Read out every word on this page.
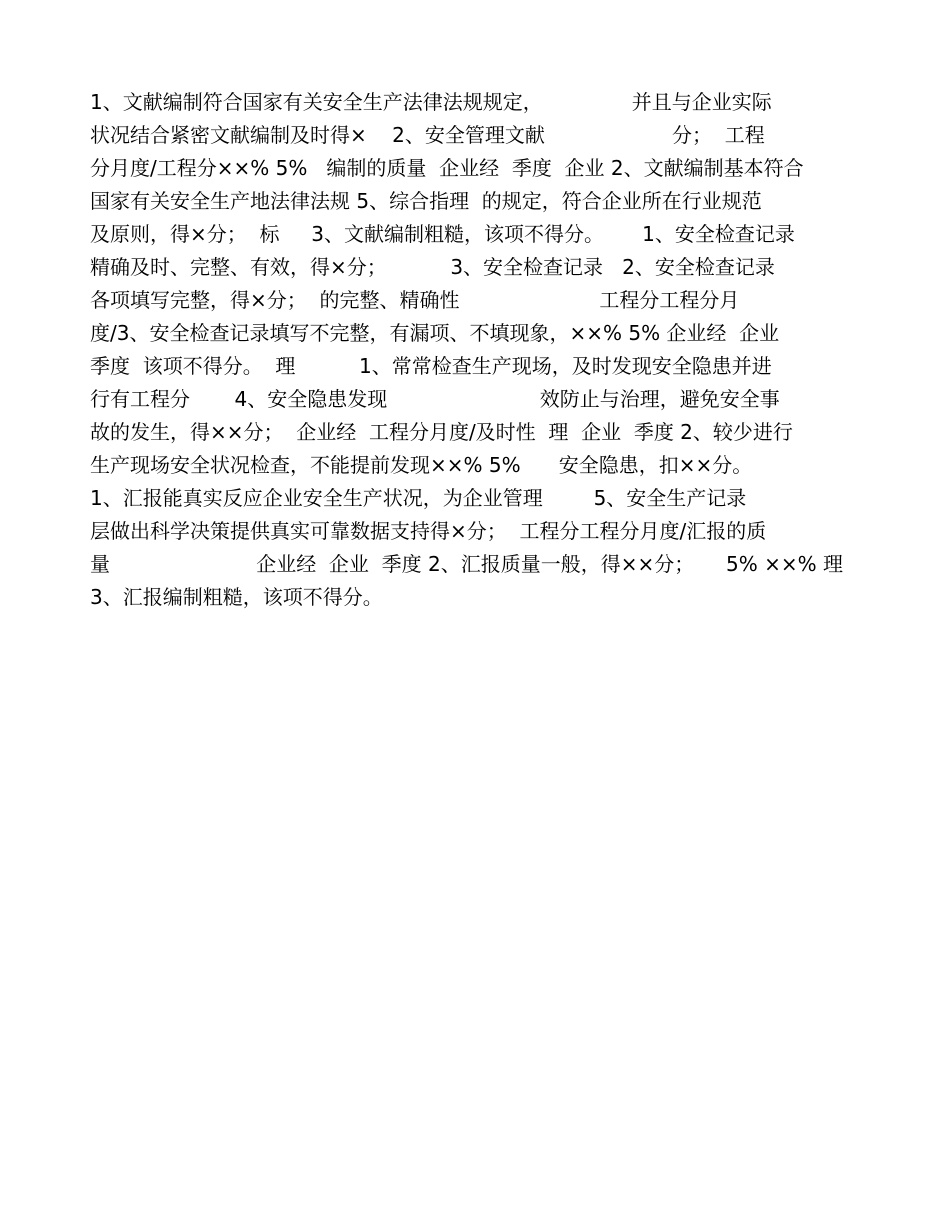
1、文献编制符合国家有关安全生产法律法规规定，              并且与企业实际
状况结合紧密文献编制及时得×    2、安全管理文献                    分；  工程
分月度/工程分××% 5%   编制的质量  企业经  季度  企业 2、文献编制基本符合
国家有关安全生产地法律法规 5、综合指理  的规定，符合企业所在行业规范
及原则，得×分；  标     3、文献编制粗糙，该项不得分。      1、安全检查记录
精确及时、完整、有效，得×分；          3、安全检查记录   2、安全检查记录
各项填写完整，得×分；  的完整、精确性                      工程分工程分月
度/3、安全检查记录填写不完整，有漏项、不填现象，××% 5% 企业经  企业
季度  该项不得分。  理          1、常常检查生产现场，及时发现安全隐患并进
行有工程分       4、安全隐患发现                        效防止与治理，避免安全事
故的发生，得××分；  企业经  工程分月度/及时性  理  企业  季度 2、较少进行
生产现场安全状况检查，不能提前发现××% 5%      安全隐患，扣××分。
1、汇报能真实反应企业安全生产状况，为企业管理        5、安全生产记录
层做出科学决策提供真实可靠数据支持得×分；  工程分工程分月度/汇报的质
量                       企业经  企业  季度 2、汇报质量一般，得××分；     5% ××% 理
3、汇报编制粗糙，该项不得分。
